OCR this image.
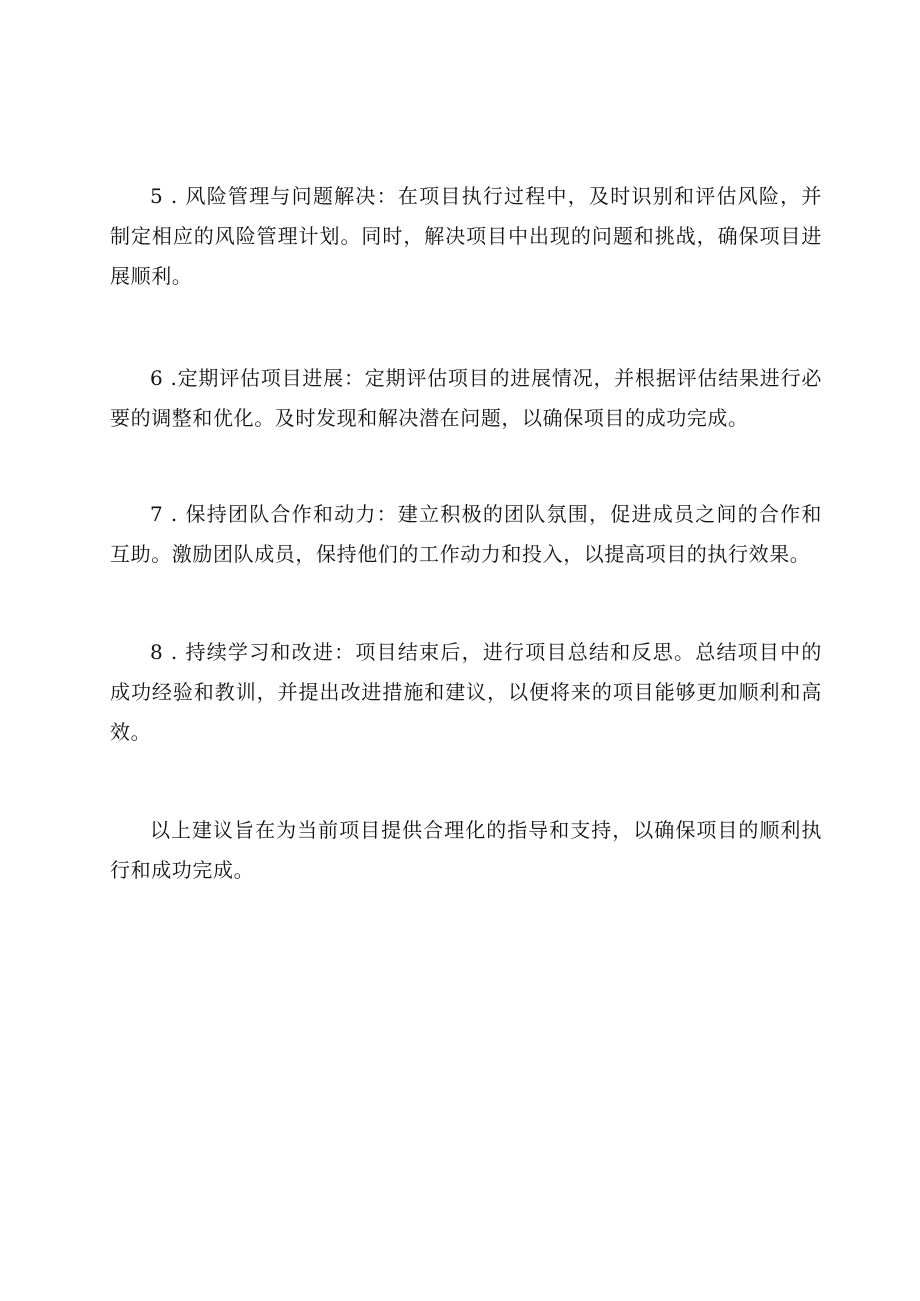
5 . 风险管理与问题解决：在项目执行过程中，及时识别和评估风险，并制定相应的风险管理计划。同时，解决项目中出现的问题和挑战，确保项目进展顺利。

6 .定期评估项目进展：定期评估项目的进展情况，并根据评估结果进行必要的调整和优化。及时发现和解决潜在问题，以确保项目的成功完成。

7 . 保持团队合作和动力：建立积极的团队氛围，促进成员之间的合作和互助。激励团队成员，保持他们的工作动力和投入，以提高项目的执行效果。

8 . 持续学习和改进：项目结束后，进行项目总结和反思。总结项目中的成功经验和教训，并提出改进措施和建议，以便将来的项目能够更加顺利和高效。

以上建议旨在为当前项目提供合理化的指导和支持，以确保项目的顺利执行和成功完成。
